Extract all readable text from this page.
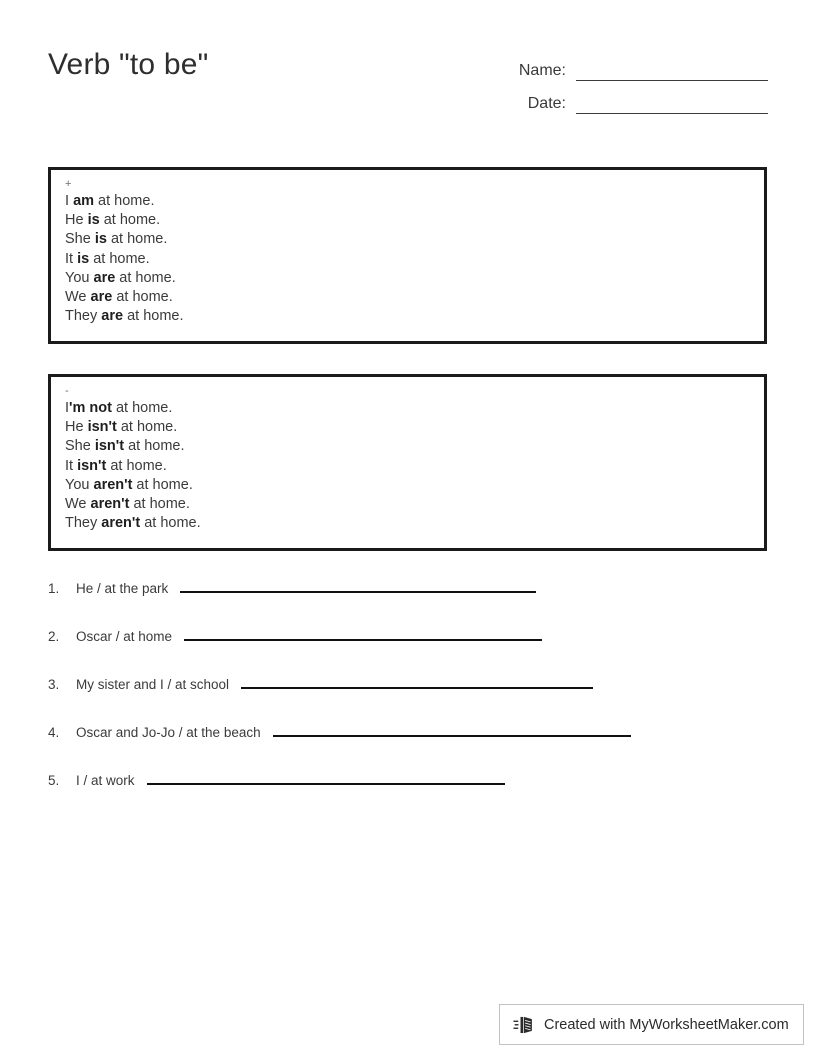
Verb "to be"	Name:
Date:
+
I am at home.
He is at home.
She is at home.
It is at home.
You are at home.
We are at home.
They are at home.
-
I'm not at home.
He isn't at home.
She isn't at home.
It isn't at home.
You aren't at home.
We aren't at home.
They aren't at home.
1.	He / at the park
2.	Oscar / at home
3.	My sister and I / at school
4.	Oscar and Jo-Jo / at the beach
5.	I / at work
Created with MyWorksheetMaker.com
